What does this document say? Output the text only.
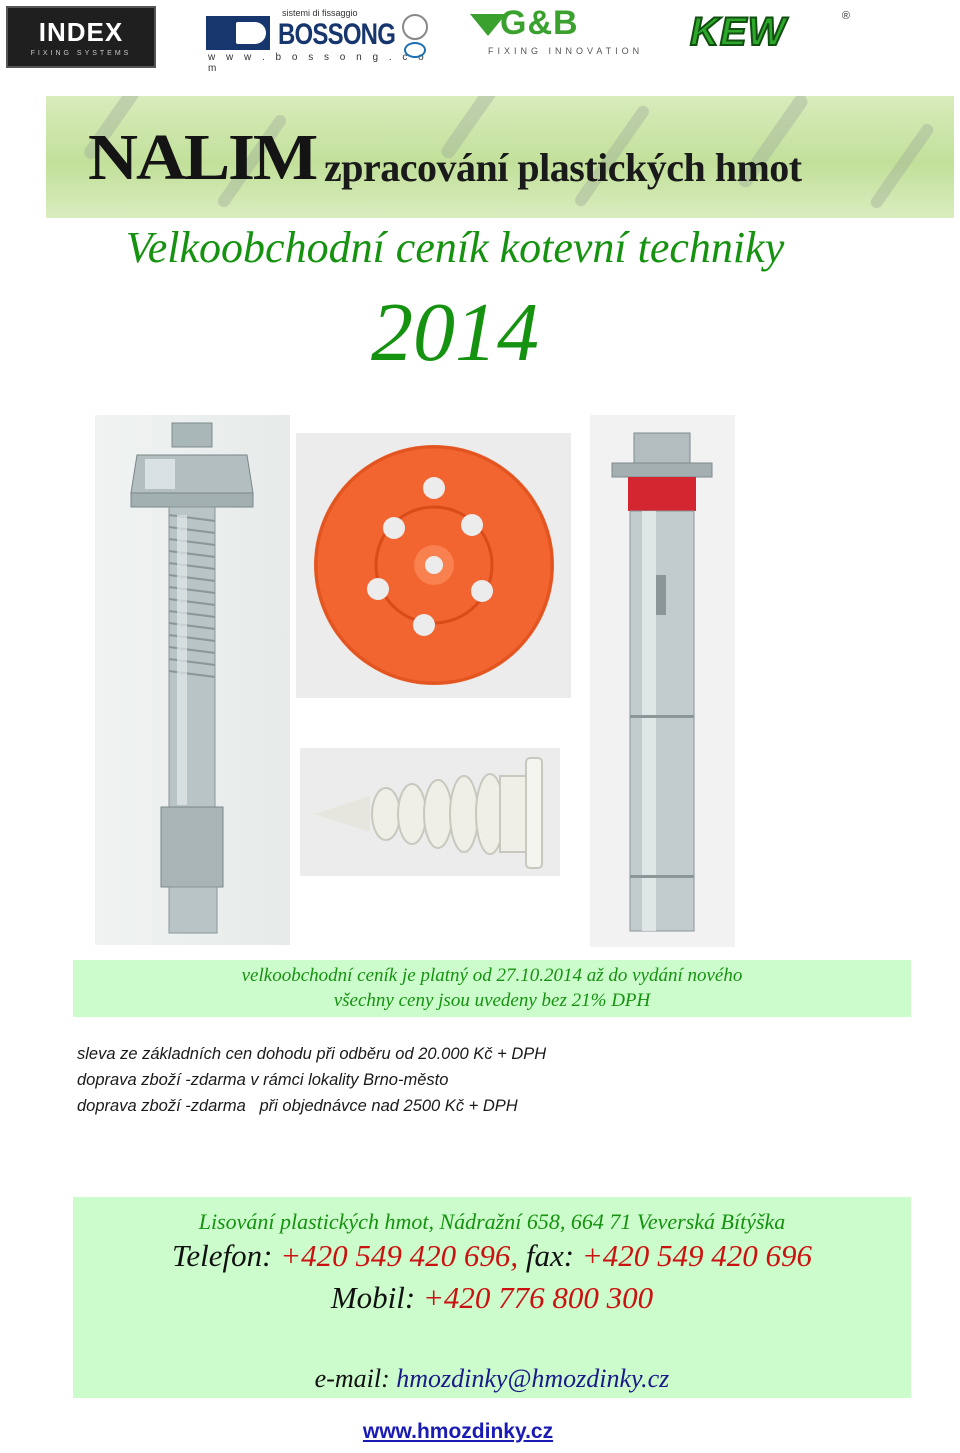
INDEX
FIXING SYSTEMS
sistemi di fissaggio
BOSSONG
w w w . b o s s o n g . c o m
G&B
FIXING INNOVATION KEW	®
NALIM zpracování plastických hmot
Velkoobchodní ceník kotevní techniky
2014
velkoobchodní ceník je platný od 27.10.2014 až do vydání nového
všechny ceny jsou uvedeny bez 21% DPH
sleva ze základních cen dohodu při odběru od 20.000 Kč + DPH
doprava zboží -zdarma v rámci lokality Brno-město
doprava zboží -zdarma   při objednávce nad 2500 Kč + DPH
Lisování plastických hmot, Nádražní 658, 664 71 Veverská Bítýška
Telefon: +420 549 420 696, fax: +420 549 420 696
Mobil: +420 776 800 300
e-mail: hmozdinky@hmozdinky.cz
www.hmozdinky.cz
